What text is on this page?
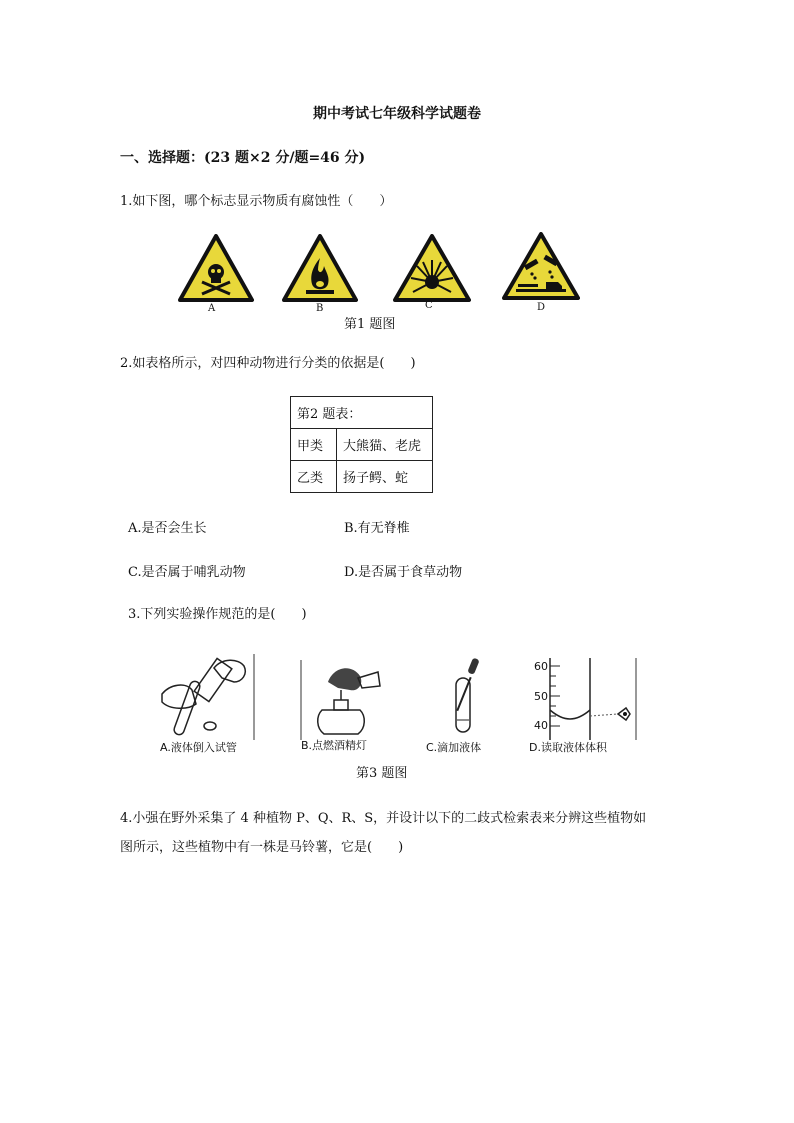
期中考试七年级科学试题卷
一、选择题：(23 题×2 分/题=46 分)
1.如下图，哪个标志显示物质有腐蚀性（　　）
A	B	C	D
第1 题图
2.如表格所示，对四种动物进行分类的依据是(　　)
第2 题表：	
甲类	大熊猫、老虎
乙类	扬子鳄、蛇
A.是否会生长	B.有无脊椎
C.是否属于哺乳动物	D.是否属于食草动物
3.下列实验操作规范的是(　　)
A.液体倒入试管	B.点燃酒精灯	C.滴加液体
60
50
40
D.读取液体体积
第3 题图
4.小强在野外采集了 4 种植物 P、Q、R、S，并设计以下的二歧式检索表来分辨这些植物如
图所示，这些植物中有一株是马铃薯，它是(　　)
